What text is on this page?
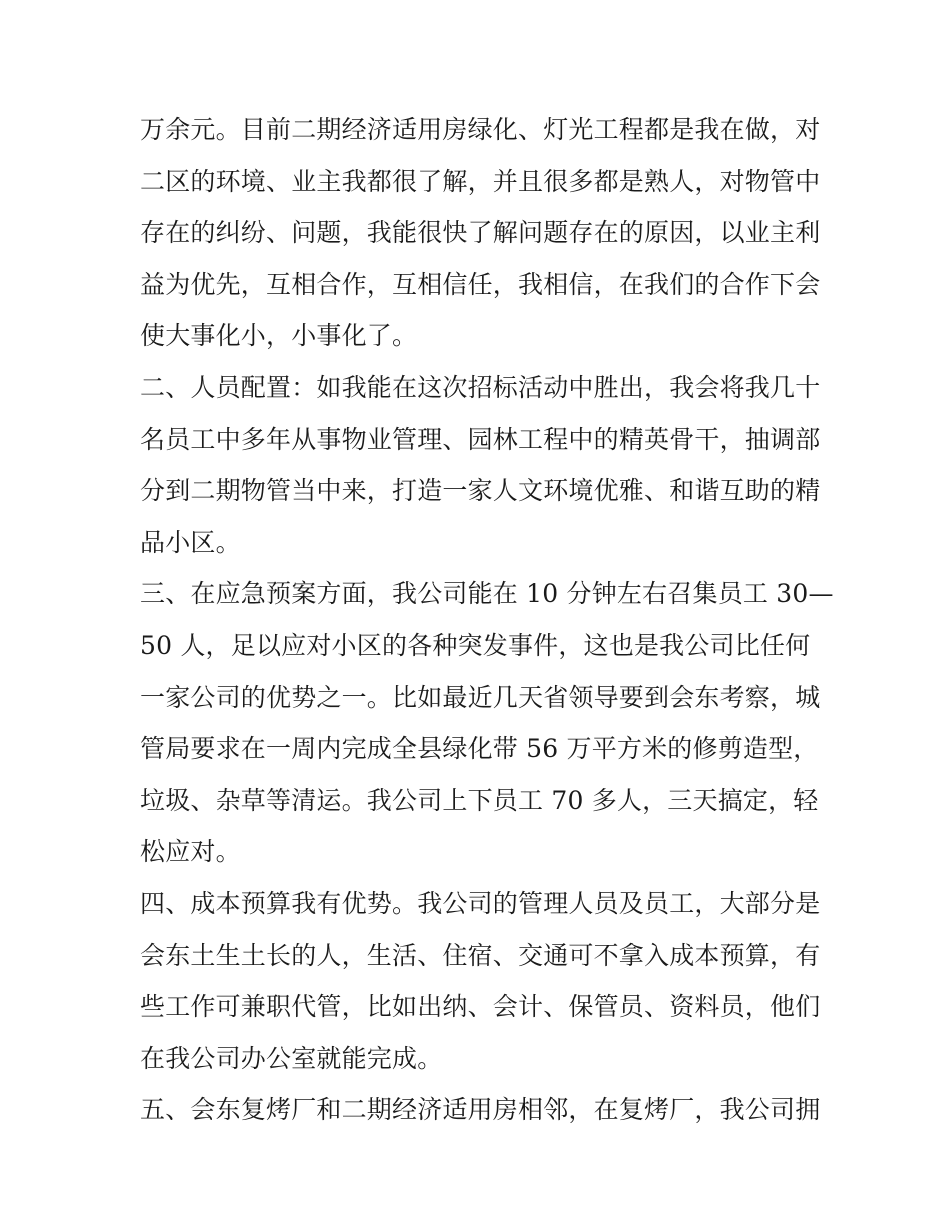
万余元。目前二期经济适用房绿化、灯光工程都是我在做，对
二区的环境、业主我都很了解，并且很多都是熟人，对物管中
存在的纠纷、问题，我能很快了解问题存在的原因，以业主利
益为优先，互相合作，互相信任，我相信，在我们的合作下会
使大事化小，小事化了。
二、人员配置：如我能在这次招标活动中胜出，我会将我几十
名员工中多年从事物业管理、园林工程中的精英骨干，抽调部
分到二期物管当中来，打造一家人文环境优雅、和谐互助的精
品小区。
三、在应急预案方面，我公司能在 10 分钟左右召集员工 30—
50 人，足以应对小区的各种突发事件，这也是我公司比任何
一家公司的优势之一。比如最近几天省领导要到会东考察，城
管局要求在一周内完成全县绿化带 56 万平方米的修剪造型，
垃圾、杂草等清运。我公司上下员工 70 多人，三天搞定，轻
松应对。
四、成本预算我有优势。我公司的管理人员及员工，大部分是
会东土生土长的人，生活、住宿、交通可不拿入成本预算，有
些工作可兼职代管，比如出纳、会计、保管员、资料员，他们
在我公司办公室就能完成。
五、会东复烤厂和二期经济适用房相邻，在复烤厂，我公司拥
